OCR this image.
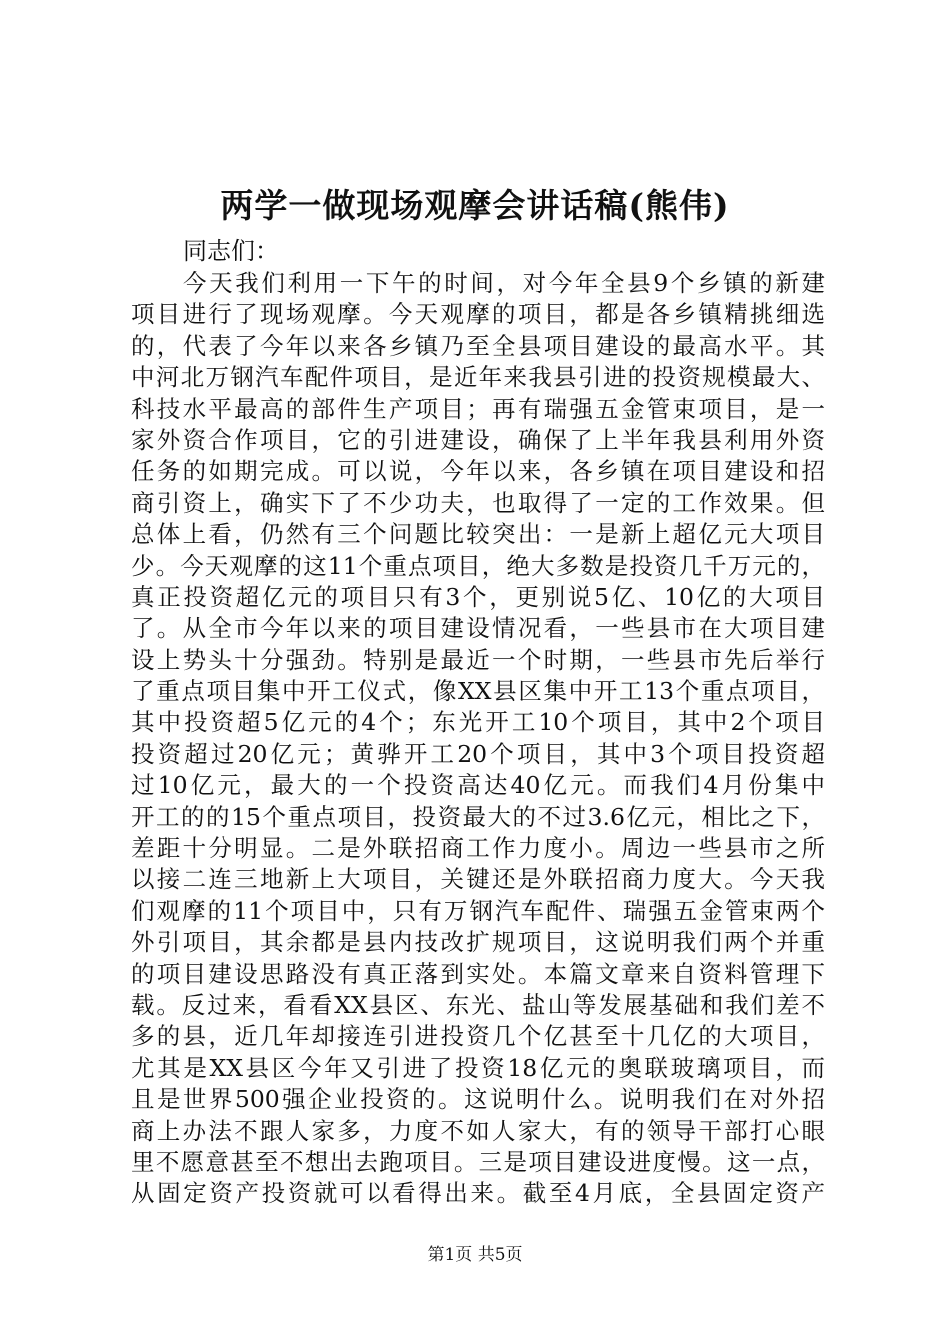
两学一做现场观摩会讲话稿(熊伟)

同志们：

今天我们利用一下午的时间，对今年全县9个乡镇的新建
项目进行了现场观摩。今天观摩的项目，都是各乡镇精挑细选
的，代表了今年以来各乡镇乃至全县项目建设的最高水平。其
中河北万钢汽车配件项目，是近年来我县引进的投资规模最大、
科技水平最高的部件生产项目；再有瑞强五金管束项目，是一
家外资合作项目，它的引进建设，确保了上半年我县利用外资
任务的如期完成。可以说，今年以来，各乡镇在项目建设和招
商引资上，确实下了不少功夫，也取得了一定的工作效果。但
总体上看，仍然有三个问题比较突出：一是新上超亿元大项目
少。今天观摩的这11个重点项目，绝大多数是投资几千万元的，
真正投资超亿元的项目只有3个，更别说5亿、10亿的大项目
了。从全市今年以来的项目建设情况看，一些县市在大项目建
设上势头十分强劲。特别是最近一个时期，一些县市先后举行
了重点项目集中开工仪式，像XX县区集中开工13个重点项目，
其中投资超5亿元的4个；东光开工10个项目，其中2个项目
投资超过20亿元；黄骅开工20个项目，其中3个项目投资超
过10亿元，最大的一个投资高达40亿元。而我们4月份集中
开工的的15个重点项目，投资最大的不过3.6亿元，相比之下，
差距十分明显。二是外联招商工作力度小。周边一些县市之所
以接二连三地新上大项目，关键还是外联招商力度大。今天我
们观摩的11个项目中，只有万钢汽车配件、瑞强五金管束两个
外引项目，其余都是县内技改扩规项目，这说明我们两个并重
的项目建设思路没有真正落到实处。本篇文章来自资料管理下
载。反过来，看看XX县区、东光、盐山等发展基础和我们差不
多的县，近几年却接连引进投资几个亿甚至十几亿的大项目，
尤其是XX县区今年又引进了投资18亿元的奥联玻璃项目，而
且是世界500强企业投资的。这说明什么。说明我们在对外招
商上办法不跟人家多，力度不如人家大，有的领导干部打心眼
里不愿意甚至不想出去跑项目。三是项目建设进度慢。这一点，
从固定资产投资就可以看得出来。截至4月底，全县固定资产

第1页 共5页
